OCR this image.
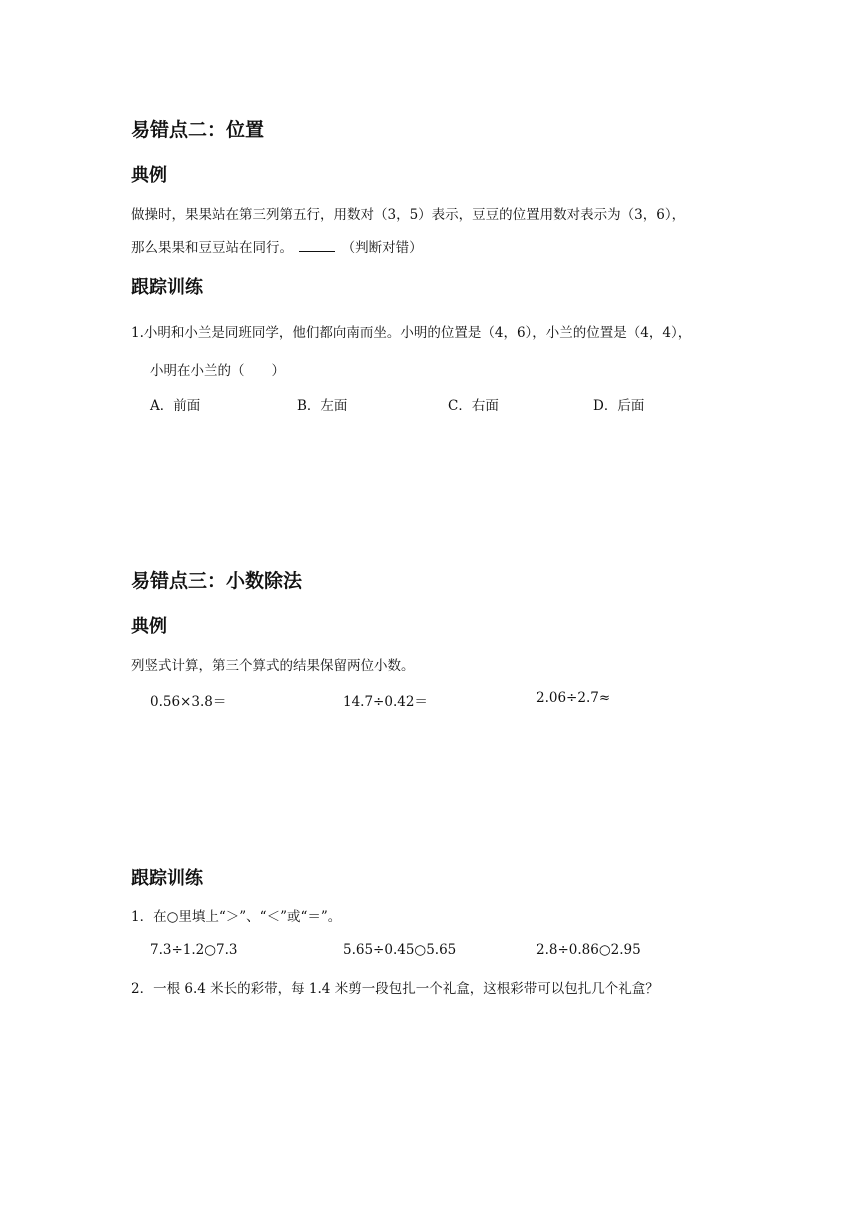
易错点二：位置
典例
做操时，果果站在第三列第五行，用数对（3，5）表示，豆豆的位置用数对表示为（3，6），
那么果果和豆豆站在同行。	（判断对错）
跟踪训练
1.小明和小兰是同班同学，他们都向南而坐。小明的位置是（4，6），小兰的位置是（4，4），
小明在小兰的（　　）
A．前面	B．左面	C．右面	D．后面
易错点三：小数除法
典例
列竖式计算，第三个算式的结果保留两位小数。
0.56×3.8＝	14.7÷0.42＝	2.06÷2.7≈
跟踪训练
1．在○里填上“＞”、“＜”或“＝”。
7.3÷1.2○7.3	5.65÷0.45○5.65	2.8÷0.86○2.95
2．一根 6.4 米长的彩带，每 1.4 米剪一段包扎一个礼盒，这根彩带可以包扎几个礼盒？
